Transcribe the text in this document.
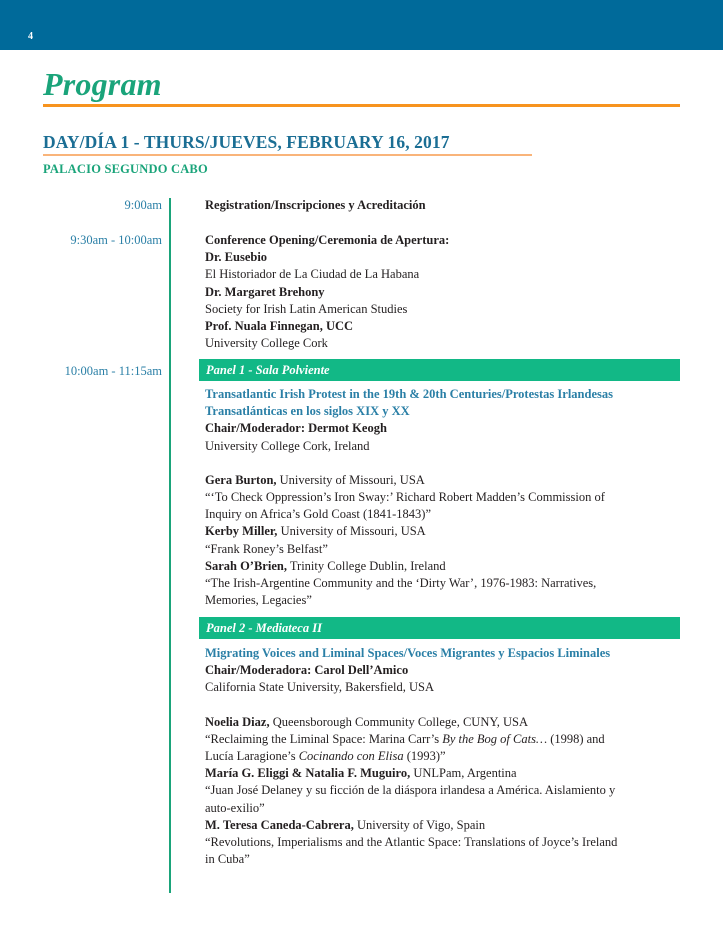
4
Program
DAY/DÍA 1 - THURS/JUEVES, FEBRUARY 16, 2017
PALACIO SEGUNDO CABO
9:00am	Registration/Inscripciones y Acreditación
9:30am - 10:00am	Conference Opening/Ceremonia de Apertura:
Dr. Eusebio
El Historiador de La Ciudad de La Habana
Dr. Margaret Brehony
Society for Irish Latin American Studies
Prof. Nuala Finnegan, UCC
University College Cork
10:00am - 11:15am	Panel 1 - Sala Polviente
Transatlantic Irish Protest in the 19th & 20th Centuries/Protestas Irlandesas
Transatlánticas en los siglos XIX y XX
Chair/Moderador: Dermot Keogh
University College Cork, Ireland
Gera Burton, University of Missouri, USA
“‘To Check Oppression’s Iron Sway:’ Richard Robert Madden’s Commission of
Inquiry on Africa’s Gold Coast (1841-1843)”
Kerby Miller, University of Missouri, USA
“Frank Roney’s Belfast”
Sarah O’Brien, Trinity College Dublin, Ireland
“The Irish-Argentine Community and the ‘Dirty War’, 1976-1983: Narratives,
Memories, Legacies”
Panel 2 - Mediateca II
Migrating Voices and Liminal Spaces/Voces Migrantes y Espacios Liminales
Chair/Moderadora: Carol Dell’Amico
California State University, Bakersfield, USA
Noelia Diaz, Queensborough Community College, CUNY, USA
“Reclaiming the Liminal Space: Marina Carr’s By the Bog of Cats… (1998) and
Lucía Laragione’s Cocinando con Elisa (1993)”
María G. Eliggi & Natalia F. Muguiro, UNLPam, Argentina
“Juan José Delaney y su ficción de la diáspora irlandesa a América. Aislamiento y
auto-exilio”
M. Teresa Caneda-Cabrera, University of Vigo, Spain
“Revolutions, Imperialisms and the Atlantic Space: Translations of Joyce’s Ireland
in Cuba”
